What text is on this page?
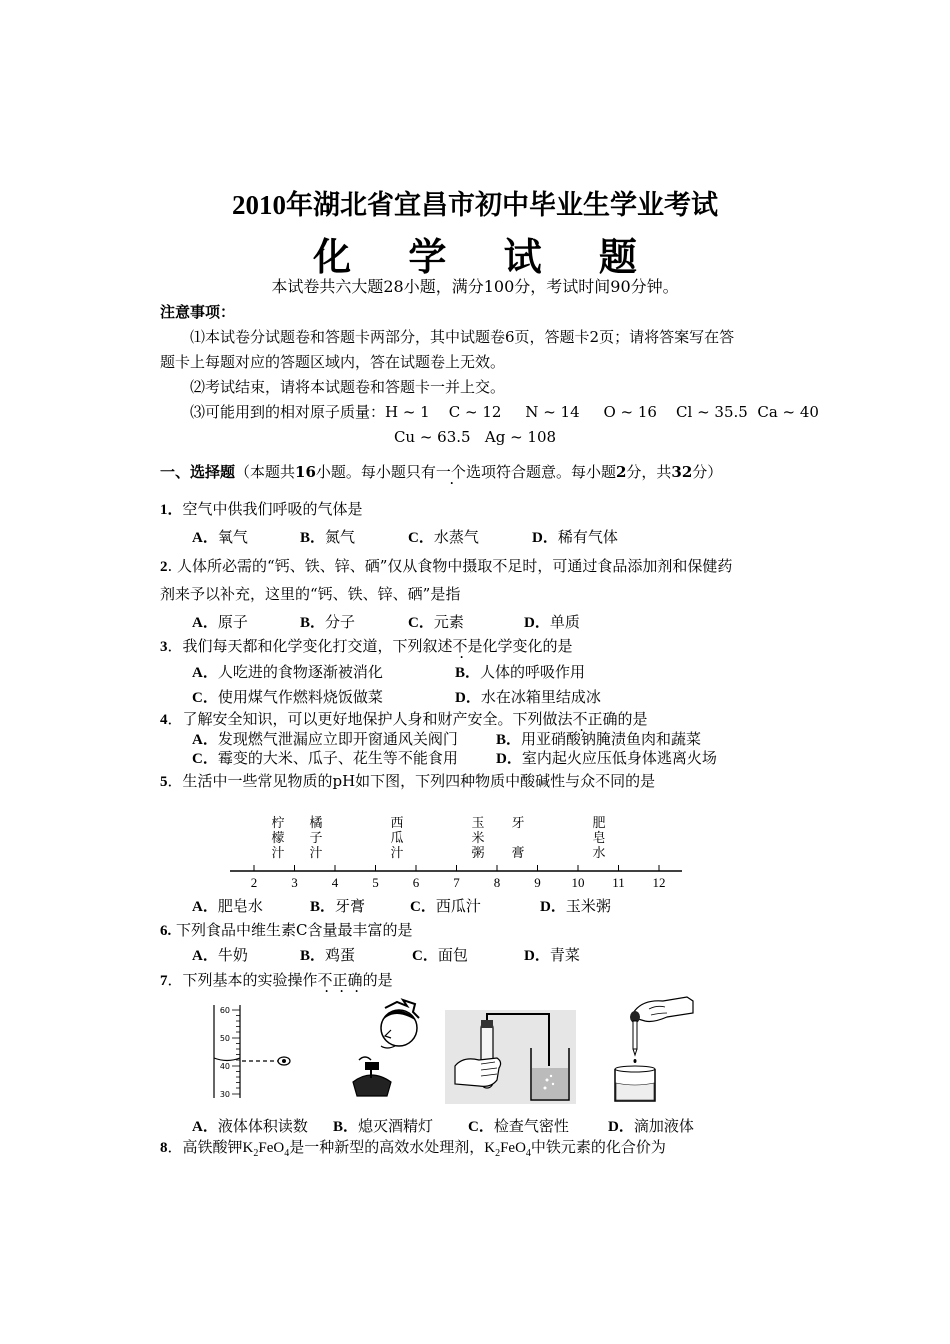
2010年湖北省宜昌市初中毕业生学业考试
化 学 试 题
本试卷共六大题28小题，满分100分，考试时间90分钟。
注意事项：
⑴本试卷分试题卷和答题卡两部分，其中试题卷6页，答题卡2页；请将答案写在答
题卡上每题对应的答题区域内，答在试题卷上无效。
⑵考试结束，请将本试题卷和答题卡一并上交。
⑶可能用到的相对原子质量：H ~ 1    C ~ 12     N ~ 14     O ~ 16    Cl ~ 35.5  Ca ~ 40
Cu ~ 63.5   Ag ~ 108
一、选择题（本题共16小题。每小题只有一个选项符合题意。每小题2分，共32分）
1．空气中供我们呼吸的气体是
A．氧气	B．氮气	C．水蒸气	D．稀有气体
2. 人体所必需的“钙、铁、锌、硒”仅从食物中摄取不足时，可通过食品添加剂和保健药
剂来予以补充，这里的“钙、铁、锌、硒”是指
A．原子	B．分子	C．元素	D．单质
3．我们每天都和化学变化打交道，下列叙述不是化学变化的是
A．人吃进的食物逐渐被消化	B．人体的呼吸作用
C．使用煤气作燃料烧饭做菜	D．水在冰箱里结成冰
4．了解安全知识，可以更好地保护人身和财产安全。下列做法不正确的是
A．发现燃气泄漏应立即开窗通风关阀门	B．用亚硝酸钠腌渍鱼肉和蔬菜
C．霉变的大米、瓜子、花生等不能食用	D．室内起火应压低身体逃离火场
5．生活中一些常见物质的pH如下图，下列四种物质中酸碱性与众不同的是
柠檬汁
橘子汁
西瓜汁
玉米粥
牙
膏
肥皂水
2	3	4	5	6	7	8	9 10 11 12
A．肥皂水	B．牙膏	C．西瓜汁	D．玉米粥
6. 下列食品中维生素C含量最丰富的是
A．牛奶	B．鸡蛋	C．面包	D．青菜
7．下列基本的实验操作不正确的是
60
50
40
30
A．液体体积读数 B．熄灭酒精灯 C．检查气密性	D．滴加液体
8．高铁酸钾$K_2FeO_4$是一种新型的高效水处理剂，$K_2FeO_4$中铁元素的化合价为
